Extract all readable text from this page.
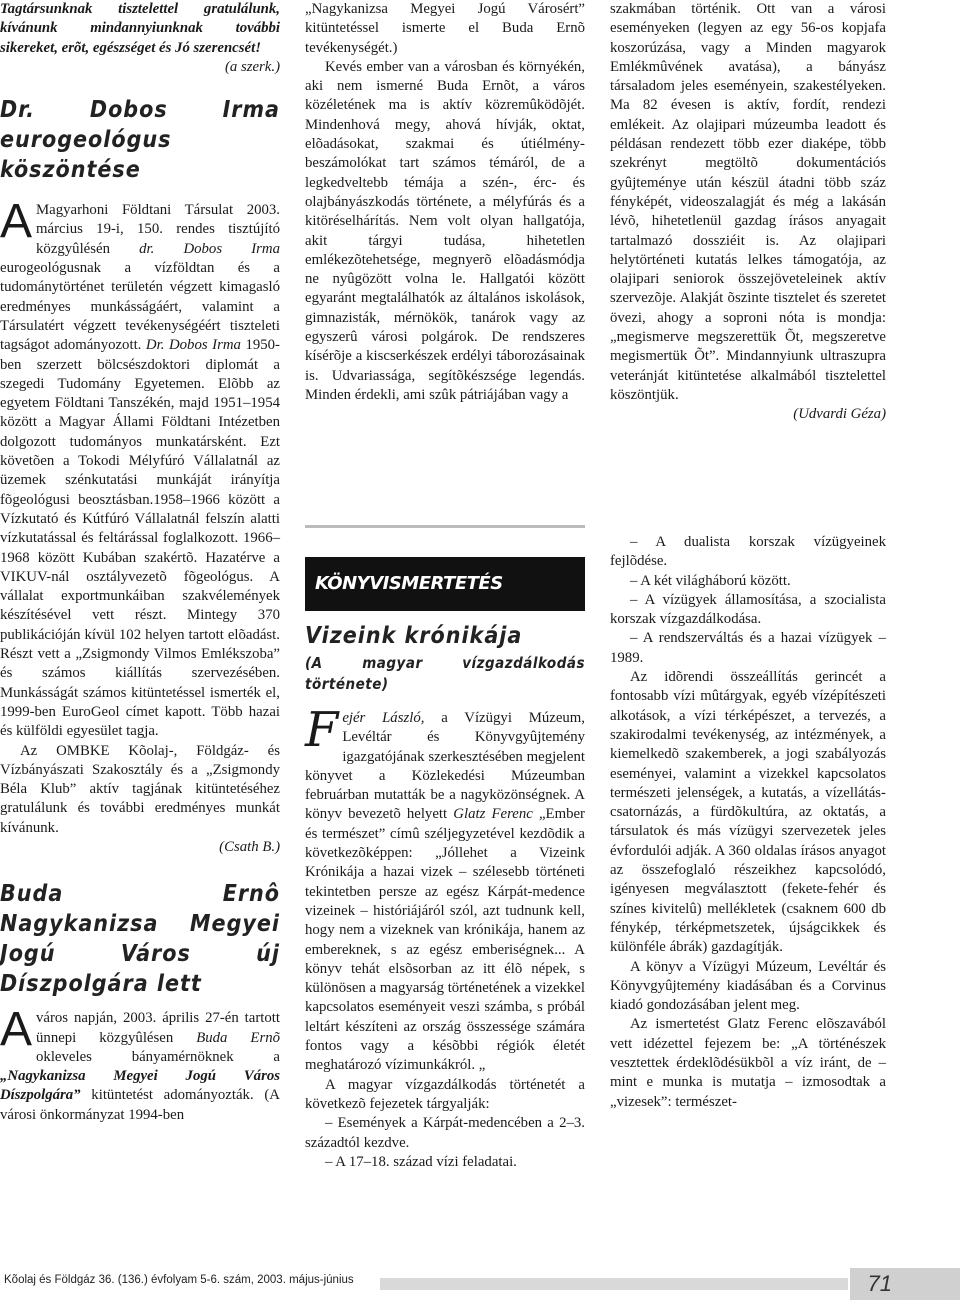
Tagtársunknak tisztelettel gratulálunk, kívánunk mindannyiunknak további sikereket, erõt, egészséget és Jó szerencsét!

(a szerk.)

Dr. Dobos Irma eurogeológus köszöntése

A Magyarhoni Földtani Társulat 2003. március 19-i, 150. rendes tisztújító közgyûlésén dr. Dobos Irma eurogeológusnak a vízföldtan és a tudománytörténet területén végzett kimagasló eredményes munkásságáért, valamint a Társulatért végzett tevékenységéért tiszteleti tagságot adományozott. Dr. Dobos Irma 1950-ben szerzett bölcsészdoktori diplomát a szegedi Tudomány Egyetemen. Elõbb az egyetem Földtani Tanszékén, majd 1951–1954 között a Magyar Állami Földtani Intézetben dolgozott tudományos munkatársként. Ezt követõen a Tokodi Mélyfúró Vállalatnál az üzemek szénkutatási munkáját irányítja fõgeológusi beosztásban.1958–1966 között a Vízkutató és Kútfúró Vállalatnál felszín alatti vízkutatással és feltárással foglalkozott. 1966–1968 között Kubában szakértõ. Hazatérve a VIKUV-nál osztályvezetõ fõgeológus. A vállalat exportmunkáiban szakvélemények készítésével vett részt. Mintegy 370 publikációján kívül 102 helyen tartott elõadást. Részt vett a „Zsigmondy Vilmos Emlékszoba” és számos kiállítás szervezésében. Munkásságát számos kitüntetéssel ismerték el, 1999-ben EuroGeol címet kapott. Több hazai és külföldi egyesület tagja.

Az OMBKE Kõolaj-, Földgáz- és Vízbányászati Szakosztály és a „Zsigmondy Béla Klub” aktív tagjának kitüntetéséhez gratulálunk és további eredményes munkát kívánunk.

(Csath B.)

Buda Ernô Nagykanizsa Megyei Jogú Város új Díszpolgára lett

A város napján, 2003. április 27-én tartott ünnepi közgyûlésen Buda Ernõ okleveles bányamérnöknek a „Nagykanizsa Megyei Jogú Város Díszpolgára” kitüntetést adományozták. (A városi önkormányzat 1994-ben

„Nagykanizsa Megyei Jogú Városért” kitüntetéssel ismerte el Buda Ernõ tevékenységét.)

Kevés ember van a városban és környékén, aki nem ismerné Buda Ernõt, a város közéletének ma is aktív közremûködõjét. Mindenhová megy, ahová hívják, oktat, elõadásokat, szakmai és útiélmény-beszámolókat tart számos témáról, de a legkedveltebb témája a szén-, érc- és olajbányászkodás története, a mélyfúrás és a kitöréselhárítás. Nem volt olyan hallgatója, akit tárgyi tudása, hihetetlen emlékezõtehetsége, megnyerõ elõadásmódja ne nyûgözött volna le. Hallgatói között egyaránt megtalálhatók az általános iskolások, gimnazisták, mérnökök, tanárok vagy az egyszerû városi polgárok. De rendszeres kísérõje a kiscserkészek erdélyi táborozásainak is. Udvariassága, segítõkészsége legendás. Minden érdekli, ami szûk pátriájában vagy a

szakmában történik. Ott van a városi eseményeken (legyen az egy 56-os kopjafa koszorúzása, vagy a Minden magyarok Emlékmûvének avatása), a bányász társaladom jeles eseményein, szakestélyeken. Ma 82 évesen is aktív, fordít, rendezi emlékeit. Az olajipari múzeumba leadott és példásan rendezett több ezer diaképe, több szekrényt megtöltõ dokumentációs gyûjteménye után készül átadni több száz fényképét, videoszalagját és még a lakásán lévõ, hihetetlenül gazdag írásos anyagait tartalmazó dossziéit is. Az olajipari helytörténeti kutatás lelkes támogatója, az olajipari seniorok összejöveteleinek aktív szervezõje. Alakját õszinte tisztelet és szeretet övezi, ahogy a soproni nóta is mondja: „megismerve megszerettük Õt, megszeretve megismertük Õt”. Mindannyiunk ultraszupra veteránját kitüntetése alkalmából tisztelettel köszöntjük.

(Udvardi Géza)

KÖNYVISMERTETÉS
Vizeink krónikája

(A magyar vízgazdálkodás története)

Fejér László, a Vízügyi Múzeum, Levéltár és Könyvgyûjtemény igazgatójának szerkesztésében megjelent könyvet a Közlekedési Múzeumban februárban mutatták be a nagyközönségnek. A könyv bevezetõ helyett Glatz Ferenc „Ember és természet” címû széljegyzetével kezdõdik a következõképpen: „Jóllehet a Vizeink Krónikája a hazai vizek – szélesebb történeti tekintetben persze az egész Kárpát-medence vizeinek – históriájáról szól, azt tudnunk kell, hogy nem a vizeknek van krónikája, hanem az embereknek, s az egész emberiségnek... A könyv tehát elsõsorban az itt élõ népek, s különösen a magyarság történetének a vizekkel kapcsolatos eseményeit veszi számba, s próbál leltárt készíteni az ország összessége számára fontos vagy a késõbbi régiók életét meghatározó vízimunkákról. „

A magyar vízgazdálkodás történetét a következõ fejezetek tárgyalják:

– Események a Kárpát-medencében a 2–3. századtól kezdve.

– A 17–18. század vízi feladatai.

– A dualista korszak vízügyeinek fejlõdése.

– A két világháború között.

– A vízügyek államosítása, a szocialista korszak vízgazdálkodása.

– A rendszerváltás és a hazai vízügyek – 1989.

Az idõrendi összeállítás gerincét a fontosabb vízi mûtárgyak, egyéb vízépítészeti alkotások, a vízi térképészet, a tervezés, a szakirodalmi tevékenység, az intézmények, a kiemelkedõ szakemberek, a jogi szabályozás eseményei, valamint a vizekkel kapcsolatos természeti jelenségek, a kutatás, a vízellátás-csatornázás, a fürdõkultúra, az oktatás, a társulatok és más vízügyi szervezetek jeles évfordulói adják. A 360 oldalas írásos anyagot az összefoglaló részeikhez kapcsolódó, igényesen megválasztott (fekete-fehér és színes kivitelû) mellékletek (csaknem 600 db fénykép, térképmetszetek, újságcikkek és különféle ábrák) gazdagítják.

A könyv a Vízügyi Múzeum, Levéltár és Könyvgyûjtemény kiadásában és a Corvinus kiadó gondozásában jelent meg.

Az ismertetést Glatz Ferenc elõszavából vett idézettel fejezem be: „A történészek vesztettek érdeklõdésükbõl a víz iránt, de – mint e munka is mutatja – izmosodtak a „vizesek”: természet-

Kõolaj és Földgáz 36. (136.) évfolyam 5-6. szám, 2003. május-június	71
